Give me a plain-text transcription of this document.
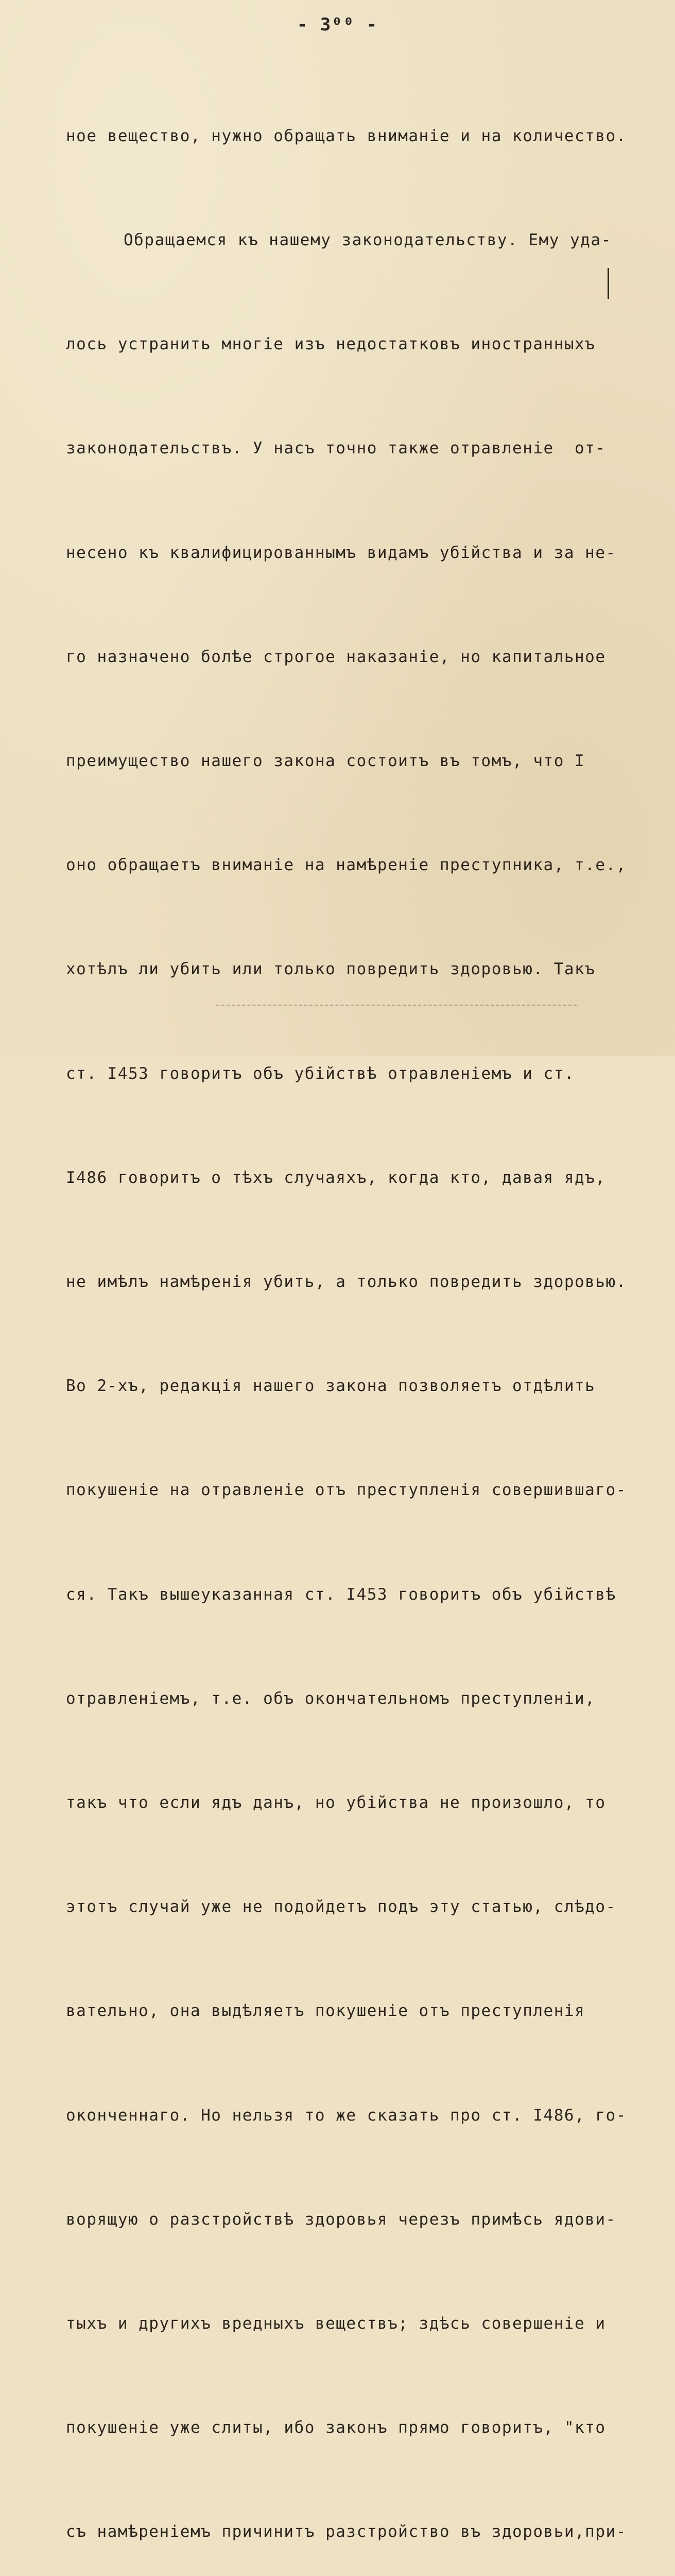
- 3⁰⁰ -

ное вещество, нужно обращать вниманіе и на количество.

Обращаемся къ нашему законодательству. Ему уда-

лось устранить многіе изъ недостатковъ иностранныхъ

законодательствъ. У насъ точно также отравленіе  от-

несено къ квалифицированнымъ видамъ убійства и за не-

го назначено болѣе строгое наказаніе, но капитальное

преимущество нашего закона состоитъ въ томъ, что I

оно обращаетъ вниманіе на намѣреніе преступника, т.е.,

хотѣлъ ли убить или только повредить здоровью. Такъ

ст. I453 говоритъ объ убійствѣ отравленіемъ и ст.

I486 говоритъ о тѣхъ случаяхъ, когда кто, давая ядъ,

не имѣлъ намѣренія убить, а только повредить здоровью.

Во 2-хъ, редакція нашего закона позволяетъ отдѣлить

покушеніе на отравленіе отъ преступленія совершившаго-

ся. Такъ вышеуказанная ст. I453 говоритъ объ убійствѣ

отравленіемъ, т.е. объ окончательномъ преступленіи,

такъ что если ядъ данъ, но убійства не произошло, то

этотъ случай уже не подойдетъ подъ эту статью, слѣдо-

вательно, она выдѣляетъ покушеніе отъ преступленія

оконченнаго. Но нельзя то же сказать про ст. I486, го-

ворящую о разстройствѣ здоровья черезъ примѣсь ядови-

тыхъ и другихъ вредныхъ веществъ; здѣсь совершеніе и

покушеніе уже слиты, ибо законъ прямо говоритъ, "кто

съ намѣреніемъ причинитъ разстройство въ здоровьи,при-
